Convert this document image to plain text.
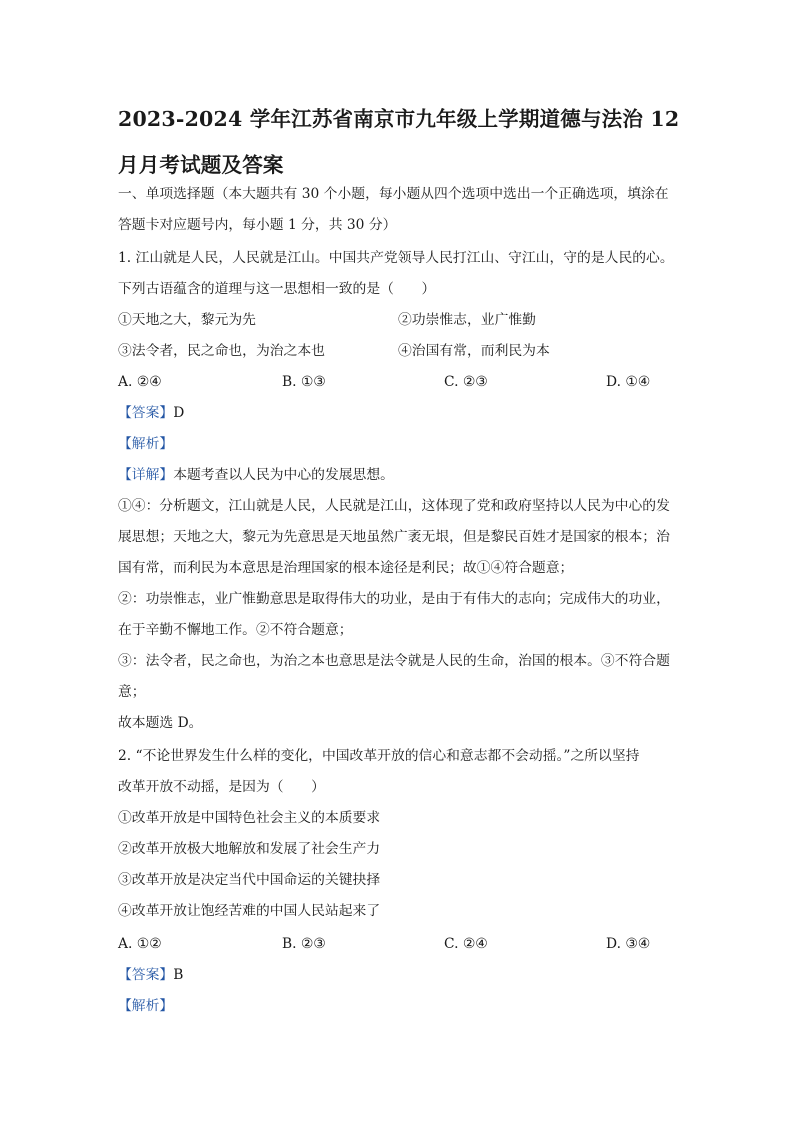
2023-2024 学年江苏省南京市九年级上学期道德与法治 12
月月考试题及答案
一、单项选择题（本大题共有 30 个小题，每小题从四个选项中选出一个正确选项，填涂在
答题卡对应题号内，每小题 1 分，共 30 分）
1. 江山就是人民，人民就是江山。中国共产党领导人民打江山、守江山，守的是人民的心。
下列古语蕴含的道理与这一思想相一致的是（　　）
①天地之大，黎元为先	②功崇惟志，业广惟勤
③法令者，民之命也，为治之本也	④治国有常，而利民为本
A. ②④	B. ①③	C. ②③	D. ①④
【答案】D
【解析】
【详解】本题考查以人民为中心的发展思想。
①④：分析题文，江山就是人民，人民就是江山，这体现了党和政府坚持以人民为中心的发
展思想；天地之大，黎元为先意思是天地虽然广袤无垠，但是黎民百姓才是国家的根本；治
国有常，而利民为本意思是治理国家的根本途径是利民；故①④符合题意；
②：功崇惟志，业广惟勤意思是取得伟大的功业，是由于有伟大的志向；完成伟大的功业，
在于辛勤不懈地工作。②不符合题意；
③：法令者，民之命也，为治之本也意思是法令就是人民的生命，治国的根本。③不符合题
意；
故本题选 D。
2. “不论世界发生什么样的变化，中国改革开放的信心和意志都不会动摇。”之所以坚持
改革开放不动摇，是因为（　　）
①改革开放是中国特色社会主义的本质要求
②改革开放极大地解放和发展了社会生产力
③改革开放是决定当代中国命运的关键抉择
④改革开放让饱经苦难的中国人民站起来了
A. ①②	B. ②③	C. ②④	D. ③④
【答案】B
【解析】
